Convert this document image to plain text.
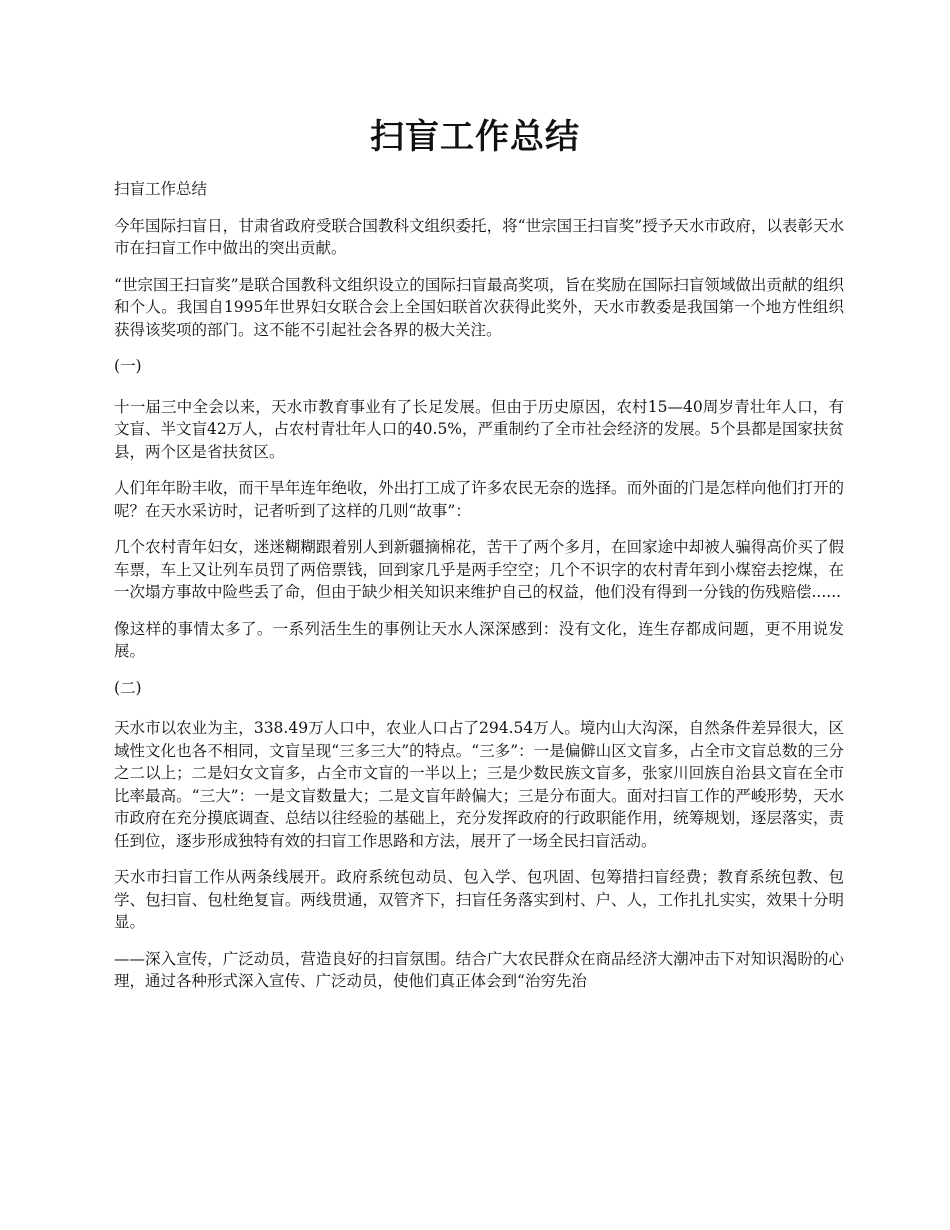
扫盲工作总结

扫盲工作总结

今年国际扫盲日，甘肃省政府受联合国教科文组织委托，将“世宗国王扫盲奖”授予天水市政府，以表彰天水市在扫盲工作中做出的突出贡献。

“世宗国王扫盲奖”是联合国教科文组织设立的国际扫盲最高奖项，旨在奖励在国际扫盲领域做出贡献的组织和个人。我国自1995年世界妇女联合会上全国妇联首次获得此奖外，天水市教委是我国第一个地方性组织获得该奖项的部门。这不能不引起社会各界的极大关注。

(一)

十一届三中全会以来，天水市教育事业有了长足发展。但由于历史原因，农村15—40周岁青壮年人口，有文盲、半文盲42万人，占农村青壮年人口的40.5%，严重制约了全市社会经济的发展。5个县都是国家扶贫县，两个区是省扶贫区。

人们年年盼丰收，而干旱年连年绝收，外出打工成了许多农民无奈的选择。而外面的门是怎样向他们打开的呢？在天水采访时，记者听到了这样的几则“故事”：

几个农村青年妇女，迷迷糊糊跟着别人到新疆摘棉花，苦干了两个多月，在回家途中却被人骗得高价买了假车票，车上又让列车员罚了两倍票钱，回到家几乎是两手空空；几个不识字的农村青年到小煤窑去挖煤，在一次塌方事故中险些丢了命，但由于缺少相关知识来维护自己的权益，他们没有得到一分钱的伤残赔偿......

像这样的事情太多了。一系列活生生的事例让天水人深深感到：没有文化，连生存都成问题，更不用说发展。

(二)

天水市以农业为主，338.49万人口中，农业人口占了294.54万人。境内山大沟深，自然条件差异很大，区域性文化也各不相同，文盲呈现“三多三大”的特点。“三多”：一是偏僻山区文盲多，占全市文盲总数的三分之二以上；二是妇女文盲多，占全市文盲的一半以上；三是少数民族文盲多，张家川回族自治县文盲在全市比率最高。“三大”：一是文盲数量大；二是文盲年龄偏大；三是分布面大。面对扫盲工作的严峻形势，天水市政府在充分摸底调查、总结以往经验的基础上，充分发挥政府的行政职能作用，统筹规划，逐层落实，责任到位，逐步形成独特有效的扫盲工作思路和方法，展开了一场全民扫盲活动。

天水市扫盲工作从两条线展开。政府系统包动员、包入学、包巩固、包筹措扫盲经费；教育系统包教、包学、包扫盲、包杜绝复盲。两线贯通，双管齐下，扫盲任务落实到村、户、人，工作扎扎实实，效果十分明显。

——深入宣传，广泛动员，营造良好的扫盲氛围。结合广大农民群众在商品经济大潮冲击下对知识渴盼的心理，通过各种形式深入宣传、广泛动员，使他们真正体会到“治穷先治
